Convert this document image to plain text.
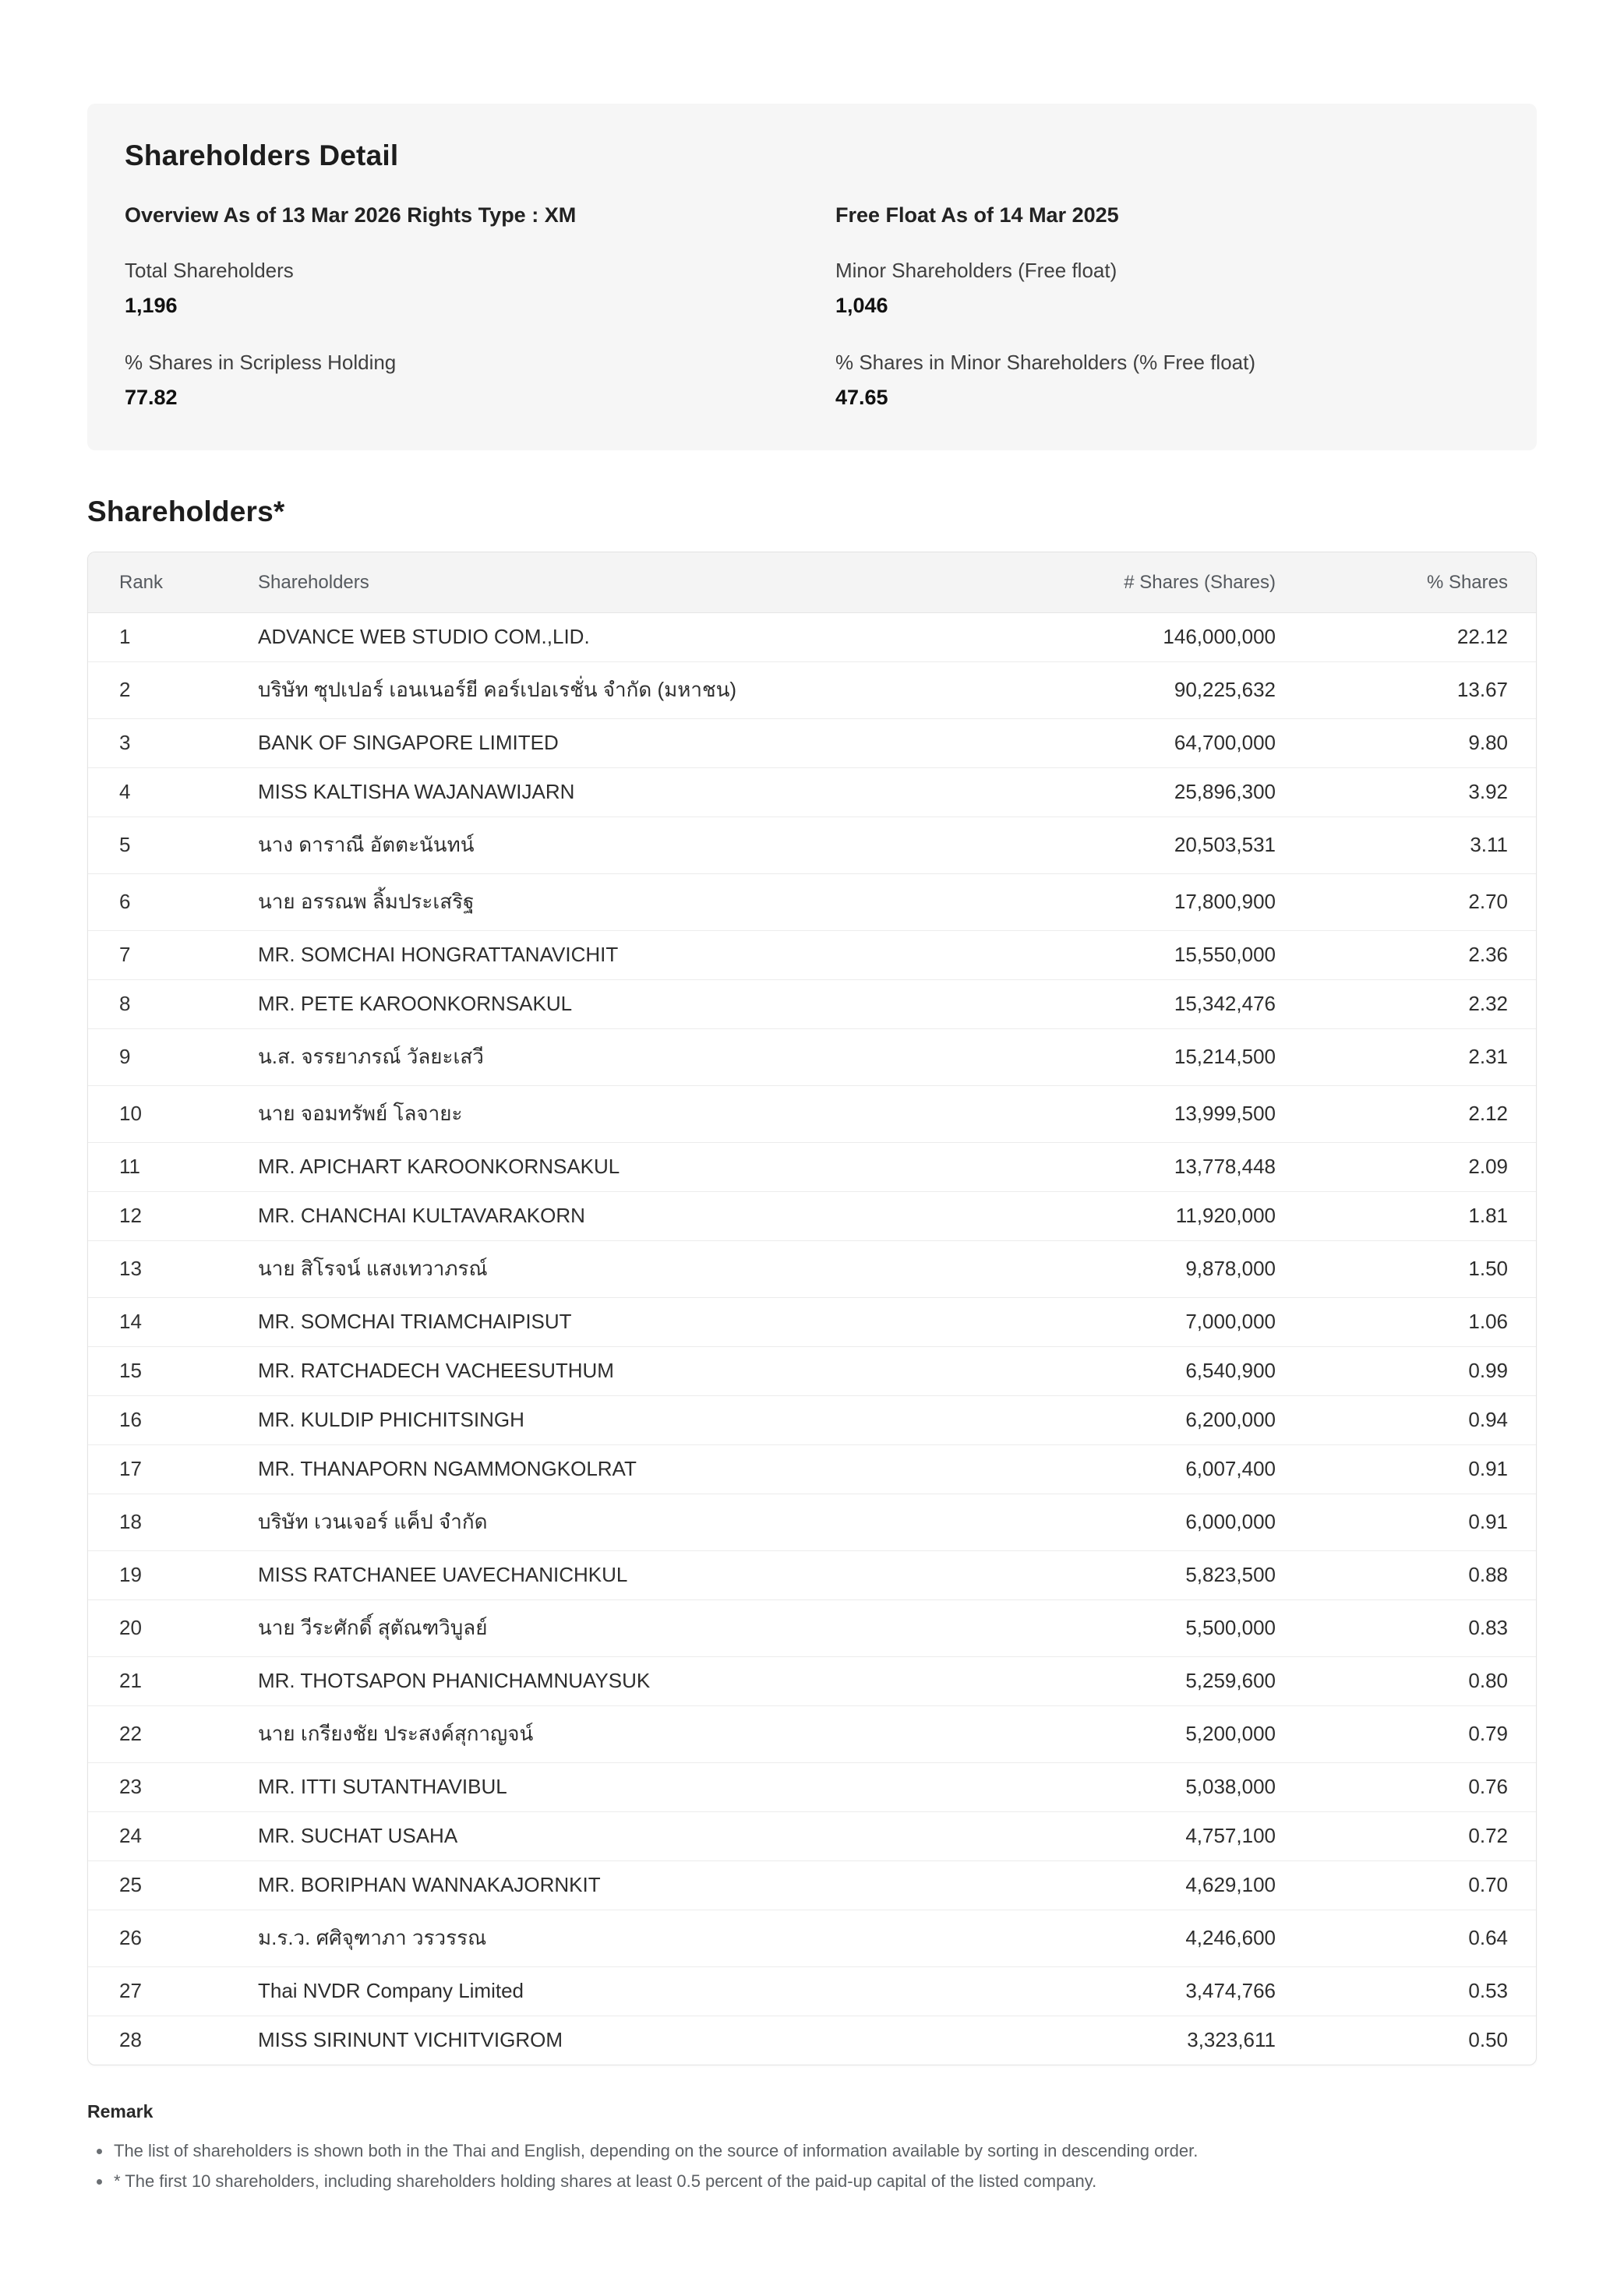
Shareholders Detail
Overview As of 13 Mar 2026 Rights Type : XM
Total Shareholders
1,196
% Shares in Scripless Holding
77.82
Free Float As of 14 Mar 2025
Minor Shareholders (Free float)
1,046
% Shares in Minor Shareholders (% Free float)
47.65
Shareholders*
Rank	Shareholders	# Shares (Shares)	% Shares
1	ADVANCE WEB STUDIO COM.,LID.	146,000,000	22.12
2	บริษัท ซุปเปอร์ เอนเนอร์ยี คอร์เปอเรชั่น จำกัด (มหาชน)	90,225,632	13.67
3	BANK OF SINGAPORE LIMITED	64,700,000	9.80
4	MISS KALTISHA WAJANAWIJARN	25,896,300	3.92
5	นาง ดาราณี อัตตะนันทน์	20,503,531	3.11
6	นาย อรรณพ ลิ้มประเสริฐ	17,800,900	2.70
7	MR. SOMCHAI HONGRATTANAVICHIT	15,550,000	2.36
8	MR. PETE KAROONKORNSAKUL	15,342,476	2.32
9	น.ส. จรรยาภรณ์ วัลยะเสวี	15,214,500	2.31
10	นาย จอมทรัพย์ โลจายะ	13,999,500	2.12
11	MR. APICHART KAROONKORNSAKUL	13,778,448	2.09
12	MR. CHANCHAI KULTAVARAKORN	11,920,000	1.81
13	นาย สิโรจน์ แสงเทวาภรณ์	9,878,000	1.50
14	MR. SOMCHAI TRIAMCHAIPISUT	7,000,000	1.06
15	MR. RATCHADECH VACHEESUTHUM	6,540,900	0.99
16	MR. KULDIP PHICHITSINGH	6,200,000	0.94
17	MR. THANAPORN NGAMMONGKOLRAT	6,007,400	0.91
18	บริษัท เวนเจอร์ แค็ป จำกัด	6,000,000	0.91
19	MISS RATCHANEE UAVECHANICHKUL	5,823,500	0.88
20	นาย วีระศักดิ์ สุตัณฑวิบูลย์	5,500,000	0.83
21	MR. THOTSAPON PHANICHAMNUAYSUK	5,259,600	0.80
22	นาย เกรียงชัย ประสงค์สุกาญจน์	5,200,000	0.79
23	MR. ITTI SUTANTHAVIBUL	5,038,000	0.76
24	MR. SUCHAT USAHA	4,757,100	0.72
25	MR. BORIPHAN WANNAKAJORNKIT	4,629,100	0.70
26	ม.ร.ว. ศศิจุฑาภา วรวรรณ	4,246,600	0.64
27	Thai NVDR Company Limited	3,474,766	0.53
28	MISS SIRINUNT VICHITVIGROM	3,323,611	0.50
Remark
The list of shareholders is shown both in the Thai and English, depending on the source of information available by sorting in descending order.
* The first 10 shareholders, including shareholders holding shares at least 0.5 percent of the paid-up capital of the listed company.
